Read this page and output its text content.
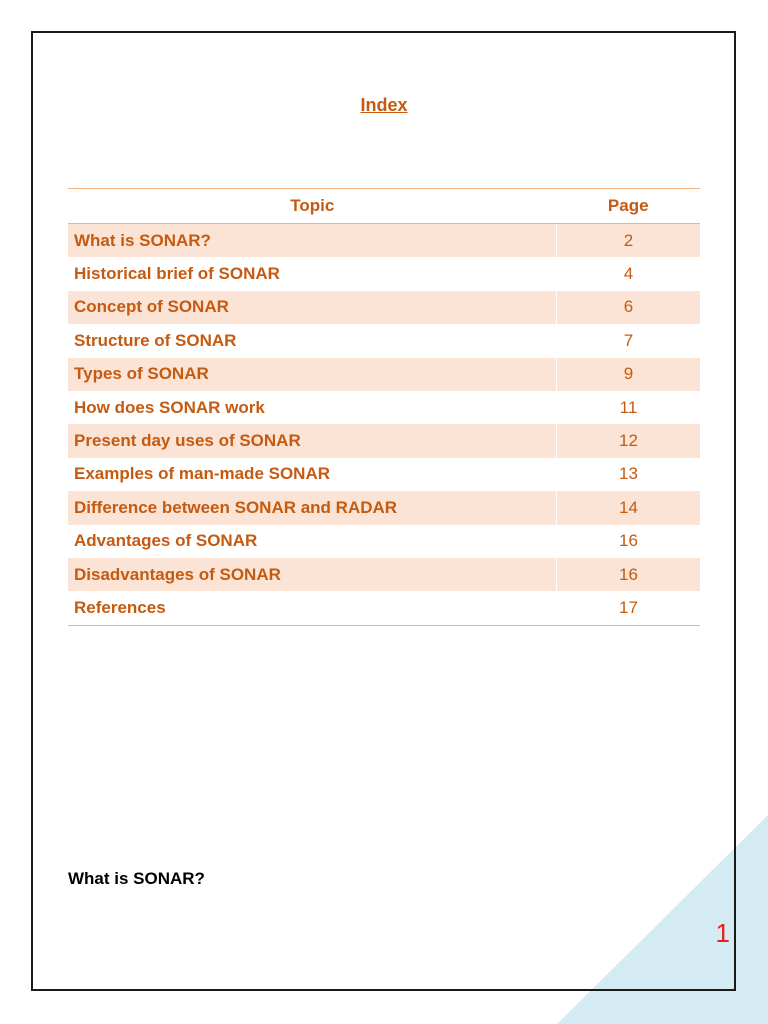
Index
Topic	Page
What is SONAR?	2
Historical brief of SONAR	4
Concept of SONAR	6
Structure of SONAR	7
Types of SONAR	9
How does SONAR work	11
Present day uses of SONAR	12
Examples of man-made SONAR	13
Difference between SONAR and RADAR	14
Advantages of SONAR	16
Disadvantages of SONAR	16
References	17
What is SONAR?
1
